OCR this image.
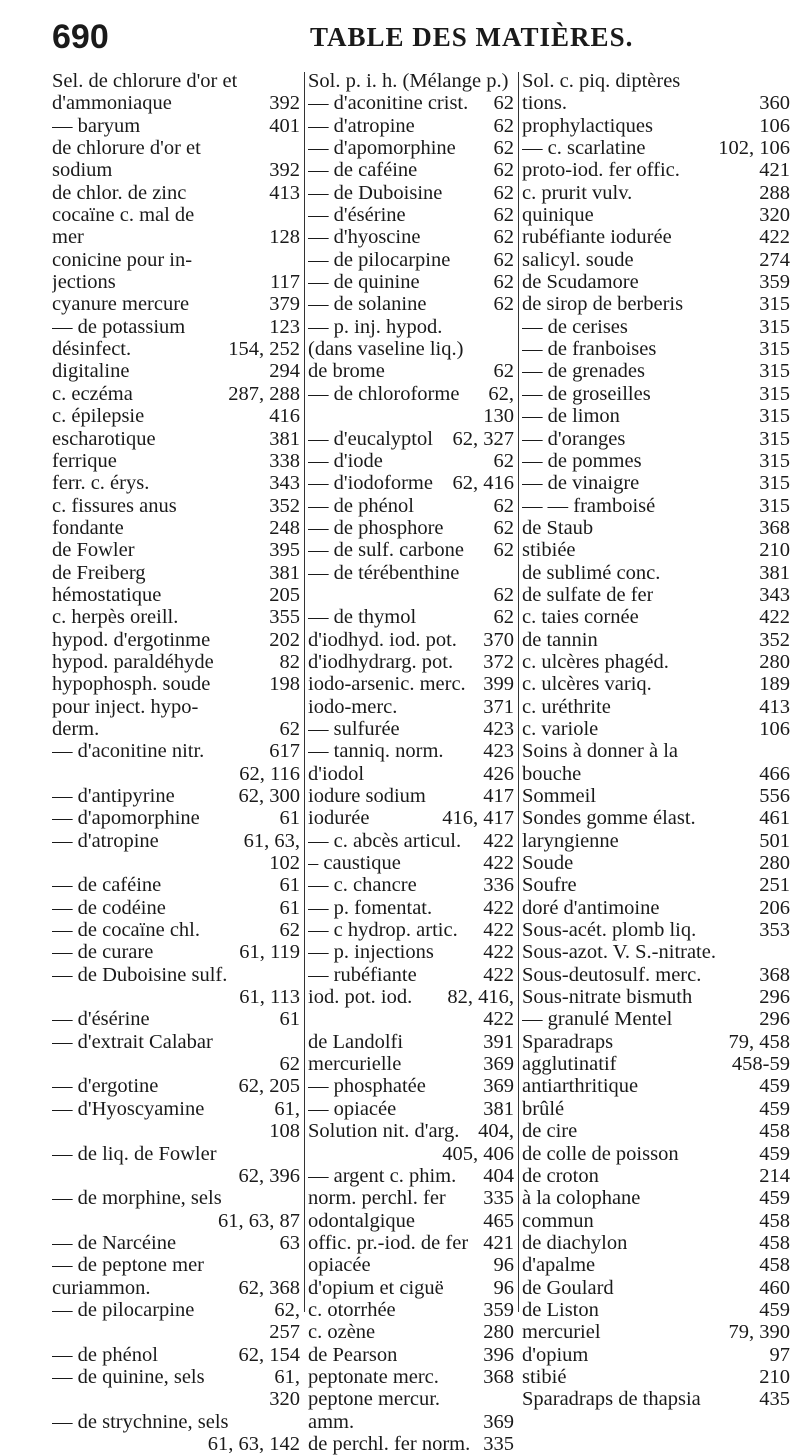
690	TABLE DES MATIÈRES.
Sel. de chlorure d'or et
d'ammoniaque	392
— baryum	401
de chlorure d'or et
sodium	392
de chlor. de zinc	413
cocaïne c. mal de
mer	128
conicine pour in-
jections	117
cyanure mercure	379
— de potassium	123
désinfect.	154, 252
digitaline	294
c. eczéma	287, 288
c. épilepsie	416
escharotique	381
ferrique	338
ferr. c. érys.	343
c. fissures anus	352
fondante	248
de Fowler	395
de Freiberg	381
hémostatique	205
c. herpès oreill.	355
hypod. d'ergotinme	202
hypod. paraldéhyde	82
hypophosph. soude	198
pour inject. hypo-
derm.	62
— d'aconitine nitr.	617
62, 116
— d'antipyrine	62, 300
— d'apomorphine	61
— d'atropine	61, 63,
102
— de caféine	61
— de codéine	61
— de cocaïne chl.	62
— de curare	61, 119
— de Duboisine sulf.
61, 113
— d'ésérine	61
— d'extrait Calabar
62
— d'ergotine	62, 205
— d'Hyoscyamine	61,
108
— de liq. de Fowler
62, 396
— de morphine, sels
61, 63, 87
— de Narcéine	63
— de peptone mer
curiammon.	62, 368
— de pilocarpine	62,
257
— de phénol	62, 154
— de quinine, sels	61,
320
— de strychnine, sels
61, 63, 142
Sol. p. i. h. (Mélange p.)
— d'aconitine crist. 62
— d'atropine	62
— d'apomorphine 62
— de caféine	62
— de Duboisine 62
— d'ésérine	62
— d'hyoscine	62
— de pilocarpine 62
— de quinine	62
— de solanine	62
— p. inj. hypod.
(dans vaseline liq.)
de brome	62
— de chloroforme 62,
130
— d'eucalyptol 62, 327
— d'iode	62
— d'iodoforme 62, 416
— de phénol	62
— de phosphore 62
— de sulf. carbone 62
— de térébenthine
62
— de thymol	62
d'iodhyd. iod. pot. 370
d'iodhydrarg. pot. 372
iodo-arsenic. merc. 399
iodo-merc.	371
— sulfurée	423
— tanniq. norm. 423
d'iodol	426
iodure sodium	417
iodurée	416, 417
— c. abcès articul. 422
– caustique	422
— c. chancre	336
— p. fomentat. 422
— c hydrop. artic. 422
— p. injections 422
— rubéfiante	422
iod. pot. iod. 82, 416,
422
de Landolfi	391
mercurielle	369
— phosphatée	369
— opiacée	381
Solution nit. d'arg. 404,
405, 406
— argent c. phim. 404
norm. perchl. fer 335
odontalgique	465
offic. pr.-iod. de fer 421
opiacée	96
d'opium et ciguë 96
c. otorrhée	359
c. ozène	280
de Pearson	396
peptonate merc. 368
peptone mercur.
amm.	369
de perchl. fer norm. 335
Sol. c. piq. diptères
tions.	360
prophylactiques	106
— c. scarlatine	102, 106
proto-iod. fer offic.	421
c. prurit vulv.	288
quinique	320
rubéfiante iodurée	422
salicyl. soude	274
de Scudamore	359
de sirop de berberis	315
— de cerises	315
— de franboises	315
— de grenades	315
— de groseilles	315
— de limon	315
— d'oranges	315
— de pommes	315
— de vinaigre	315
— — framboisé	315
de Staub	368
stibiée	210
de sublimé conc.	381
de sulfate de fer	343
c. taies cornée	422
de tannin	352
c. ulcères phagéd.	280
c. ulcères variq.	189
c. uréthrite	413
c. variole	106
Soins à donner à la
bouche	466
Sommeil	556
Sondes gomme élast.	461
laryngienne	501
Soude	280
Soufre	251
doré d'antimoine	206
Sous-acét. plomb liq.	353
Sous-azot. V. S.-nitrate.
Sous-deutosulf. merc.	368
Sous-nitrate bismuth	296
— granulé Mentel	296
Sparadraps	79, 458
agglutinatif	458-59
antiarthritique	459
brûlé	459
de cire	458
de colle de poisson	459
de croton	214
à la colophane	459
commun	458
de diachylon	458
d'apalme	458
de Goulard	460
de Liston	459
mercuriel	79, 390
d'opium	97
stibié	210
Sparadraps de thapsia	435
